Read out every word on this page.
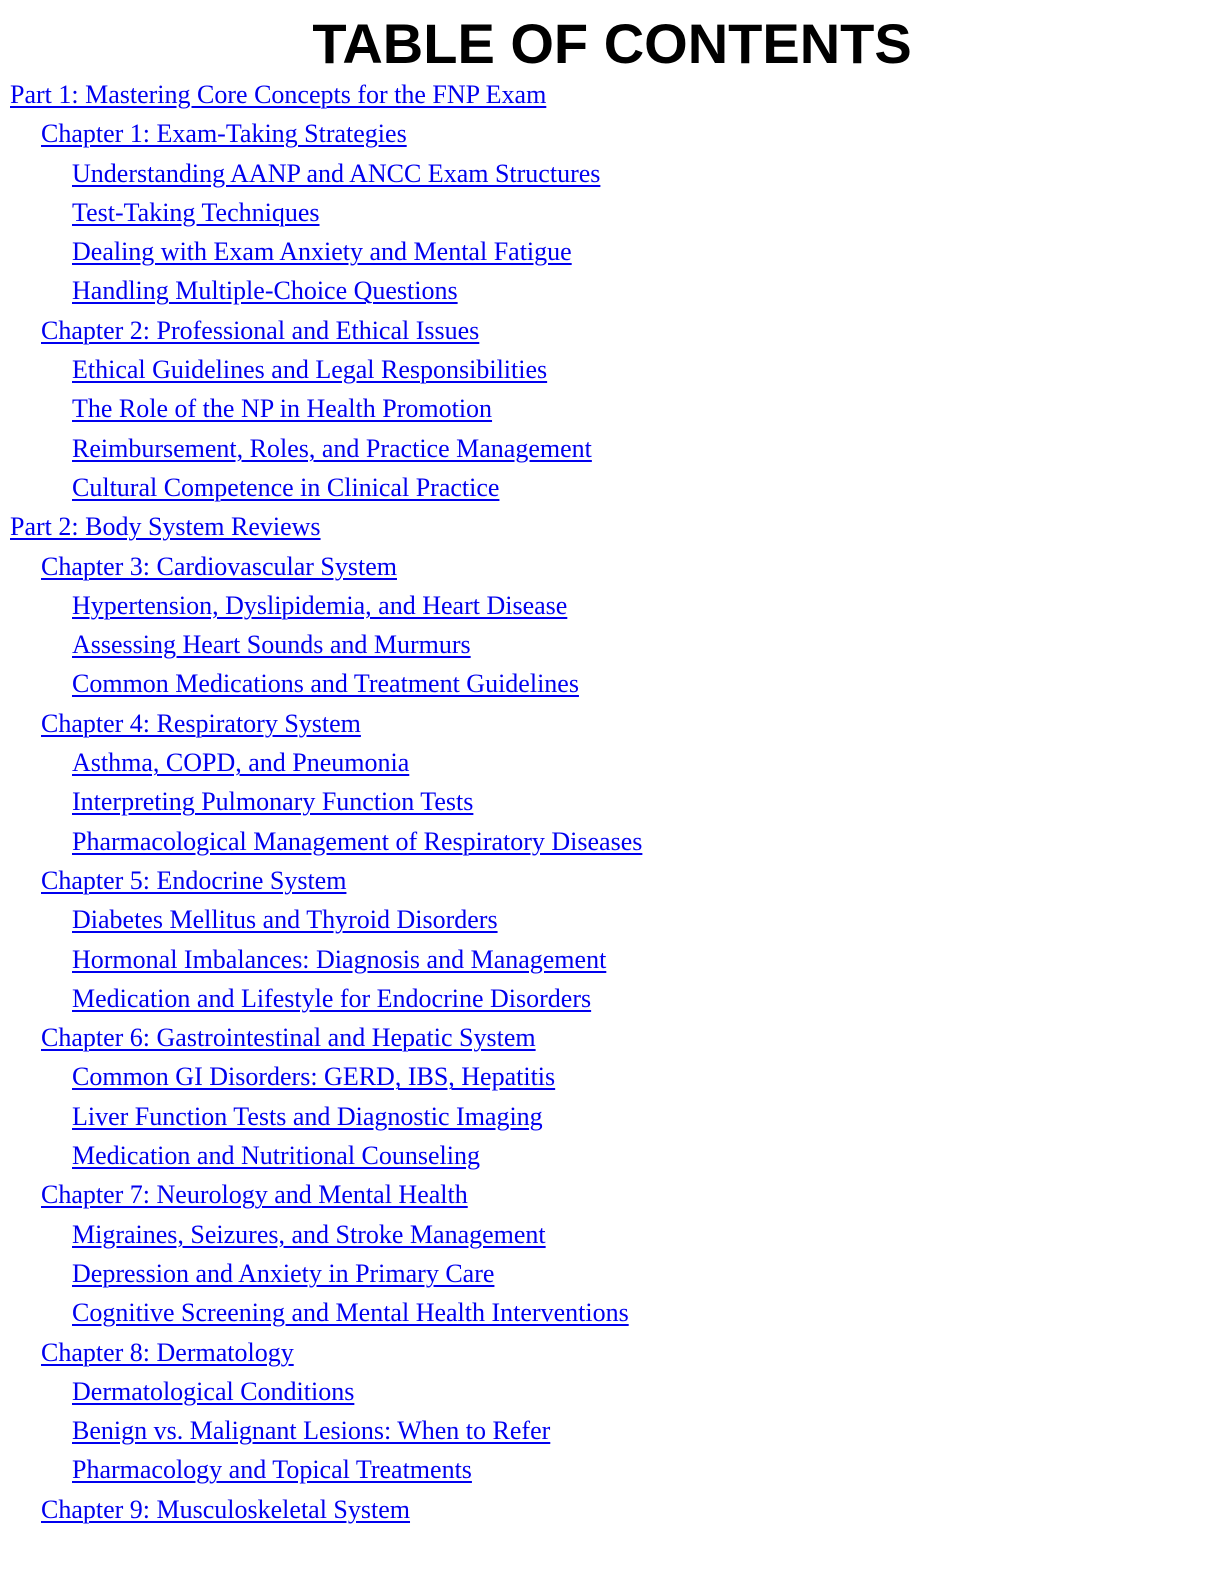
TABLE OF CONTENTS
Part 1: Mastering Core Concepts for the FNP Exam
Chapter 1: Exam-Taking Strategies
Understanding AANP and ANCC Exam Structures
Test-Taking Techniques
Dealing with Exam Anxiety and Mental Fatigue
Handling Multiple-Choice Questions
Chapter 2: Professional and Ethical Issues
Ethical Guidelines and Legal Responsibilities
The Role of the NP in Health Promotion
Reimbursement, Roles, and Practice Management
Cultural Competence in Clinical Practice
Part 2: Body System Reviews
Chapter 3: Cardiovascular System
Hypertension, Dyslipidemia, and Heart Disease
Assessing Heart Sounds and Murmurs
Common Medications and Treatment Guidelines
Chapter 4: Respiratory System
Asthma, COPD, and Pneumonia
Interpreting Pulmonary Function Tests
Pharmacological Management of Respiratory Diseases
Chapter 5: Endocrine System
Diabetes Mellitus and Thyroid Disorders
Hormonal Imbalances: Diagnosis and Management
Medication and Lifestyle for Endocrine Disorders
Chapter 6: Gastrointestinal and Hepatic System
Common GI Disorders: GERD, IBS, Hepatitis
Liver Function Tests and Diagnostic Imaging
Medication and Nutritional Counseling
Chapter 7: Neurology and Mental Health
Migraines, Seizures, and Stroke Management
Depression and Anxiety in Primary Care
Cognitive Screening and Mental Health Interventions
Chapter 8: Dermatology
Dermatological Conditions
Benign vs. Malignant Lesions: When to Refer
Pharmacology and Topical Treatments
Chapter 9: Musculoskeletal System
